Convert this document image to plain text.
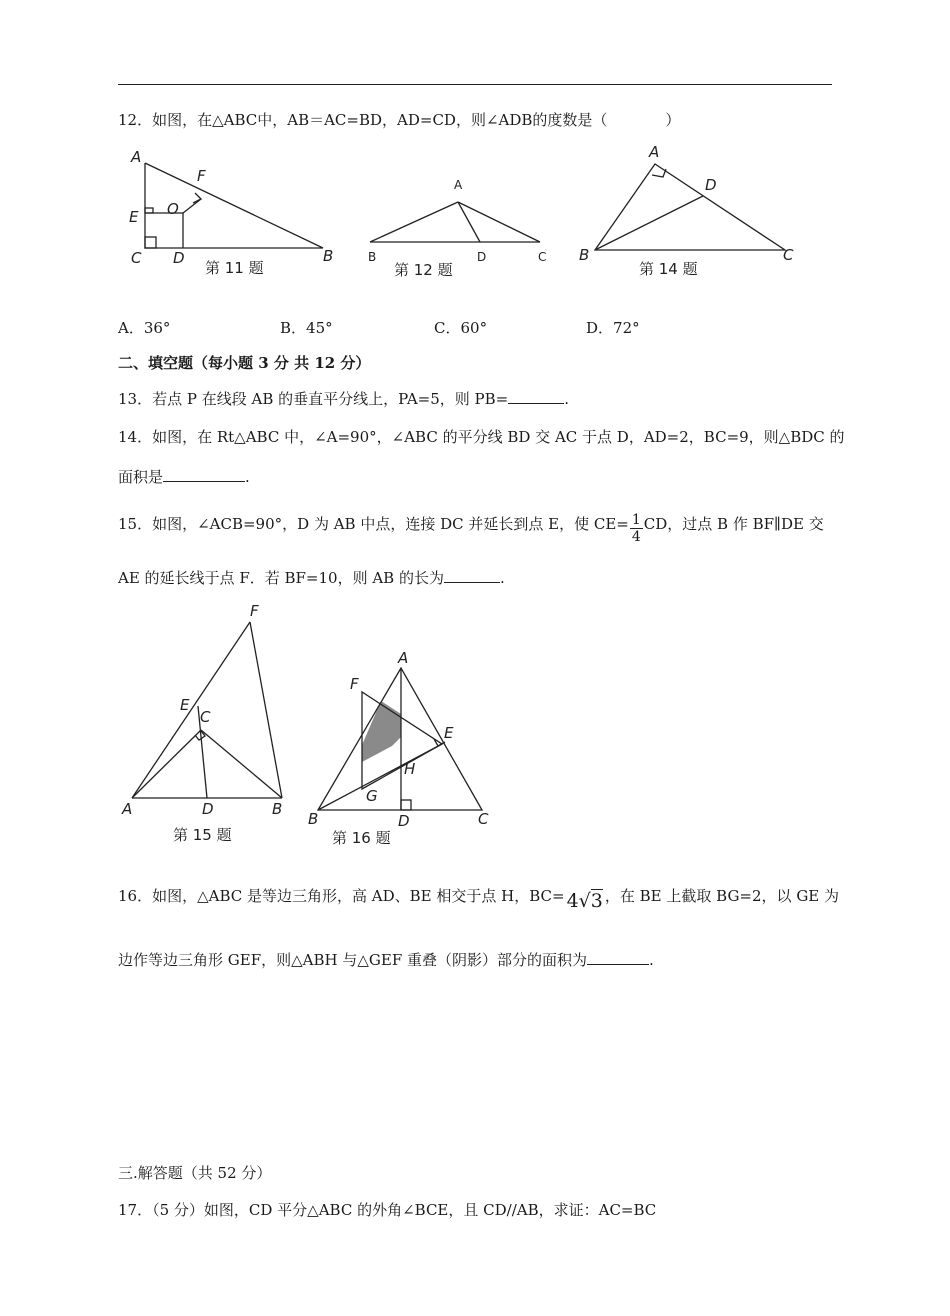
12．如图，在△ABC中，AB＝AC=BD，AD=CD，则∠ADB的度数是（	）
A
F
E O
C D	B
第 11 题
A
B	D	C
第 12 题
A
D
B	C
第 14 题
A．36°	B．45°	C．60°	D．72°
二、填空题（每小题 3 分 共 12 分）
13．若点 P 在线段 AB 的垂直平分线上，PA=5，则 PB=	.
14．如图，在 Rt△ABC 中，∠A=90°，∠ABC 的平分线 BD 交 AC 于点 D，AD=2，BC=9，则△BDC 的
面积是	.
15．如图，∠ACB=90°，D 为 AB 中点，连接 DC 并延长到点 E，使 $CE= \frac{1}{4}$ CD，过点 B 作 BF∥DE 交
AE 的延长线于点 F．若 BF=10，则 AB 的长为	.
F
E
C
A	D	B
第 15 题
A
F
E
H
G
B	D	C
第 16 题
16．如图，△ABC 是等边三角形，高 AD、BE 相交于点 H，BC= 4√3 ，在 BE 上截取 BG=2，以 GE 为
边作等边三角形 GEF，则△ABH 与△GEF 重叠（阴影）部分的面积为	.
三.解答题（共 52 分）
17．（5 分）如图，CD 平分△ABC 的外角∠BCE，且 CD//AB，求证：AC=BC
